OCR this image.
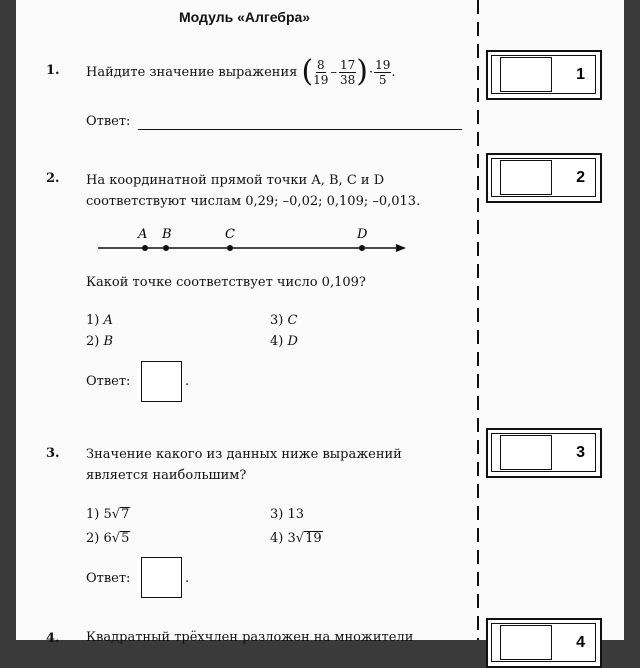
Модуль «Алгебра»
1. Найдите значение выражения
( $\frac{8}{19} - \frac{17}{38}$ ) · $\frac{19}{5}$ .
Ответ:
1
2. На координатной прямой точки A, B, C и D
соответствуют числам 0,29; –0,02; 0,109; –0,013.
A B	C	D
Какой точке соответствует число 0,109?
1) A
2) B
3) C
4) D
Ответ:	.
2
3. Значение какого из данных ниже выражений
является наибольшим?
1) 5√7
2) 6√5
3) 13
4) 3√19
Ответ:	.
3
4. Квадратный трёхчлен разложен на множители	4
